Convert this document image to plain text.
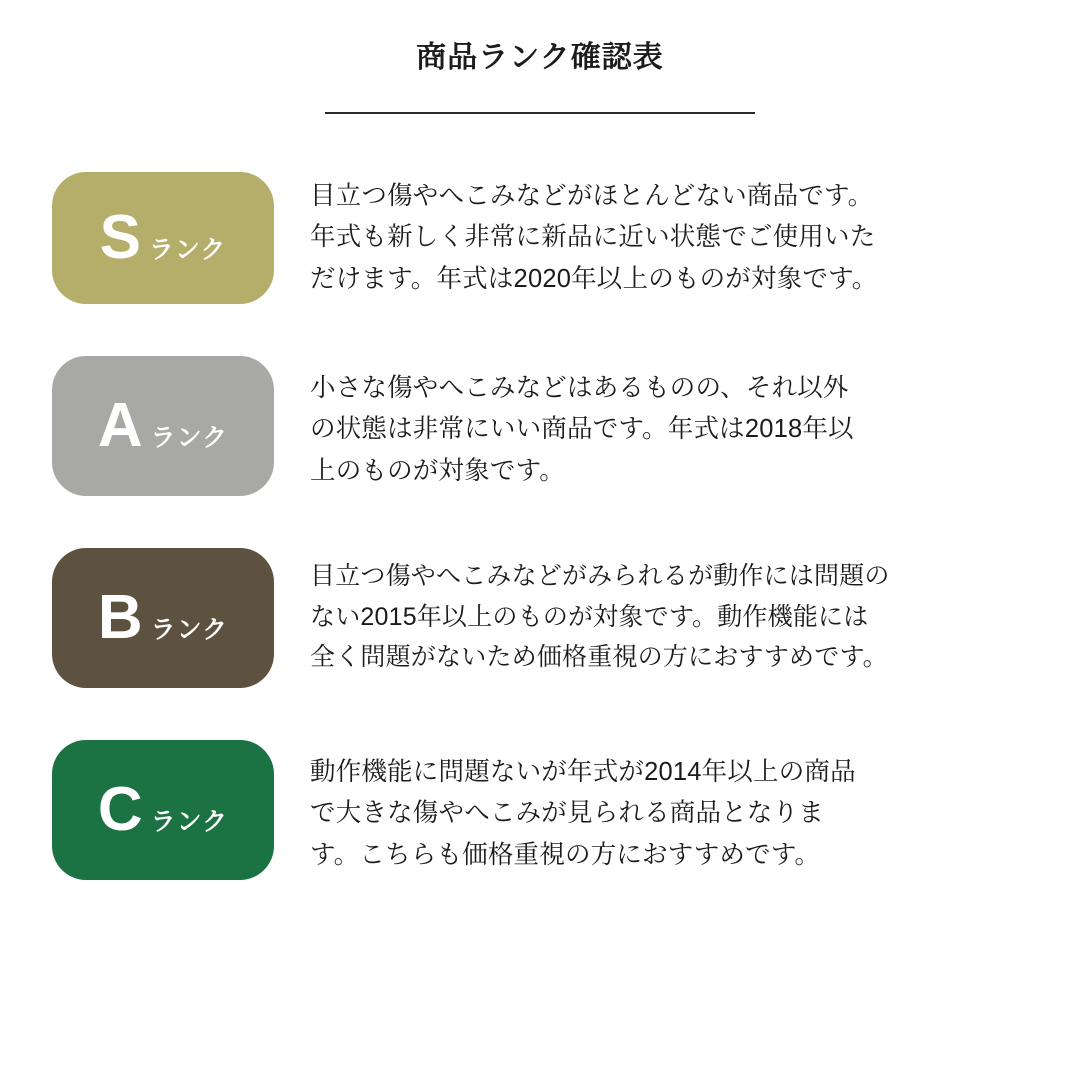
商品ランク確認表
S ランク

目立つ傷やへこみなどがほとんどない商品です。

年式も新しく非常に新品に近い状態でご使用いた

だけます。年式は2020年以上のものが対象です。

A ランク

小さな傷やへこみなどはあるものの、それ以外

の状態は非常にいい商品です。年式は2018年以

上のものが対象です。

B ランク

目立つ傷やへこみなどがみられるが動作には問題の

ない2015年以上のものが対象です。動作機能には

全く問題がないため価格重視の方におすすめです。

C ランク

動作機能に問題ないが年式が2014年以上の商品

で大きな傷やへこみが見られる商品となりま

す。こちらも価格重視の方におすすめです。
